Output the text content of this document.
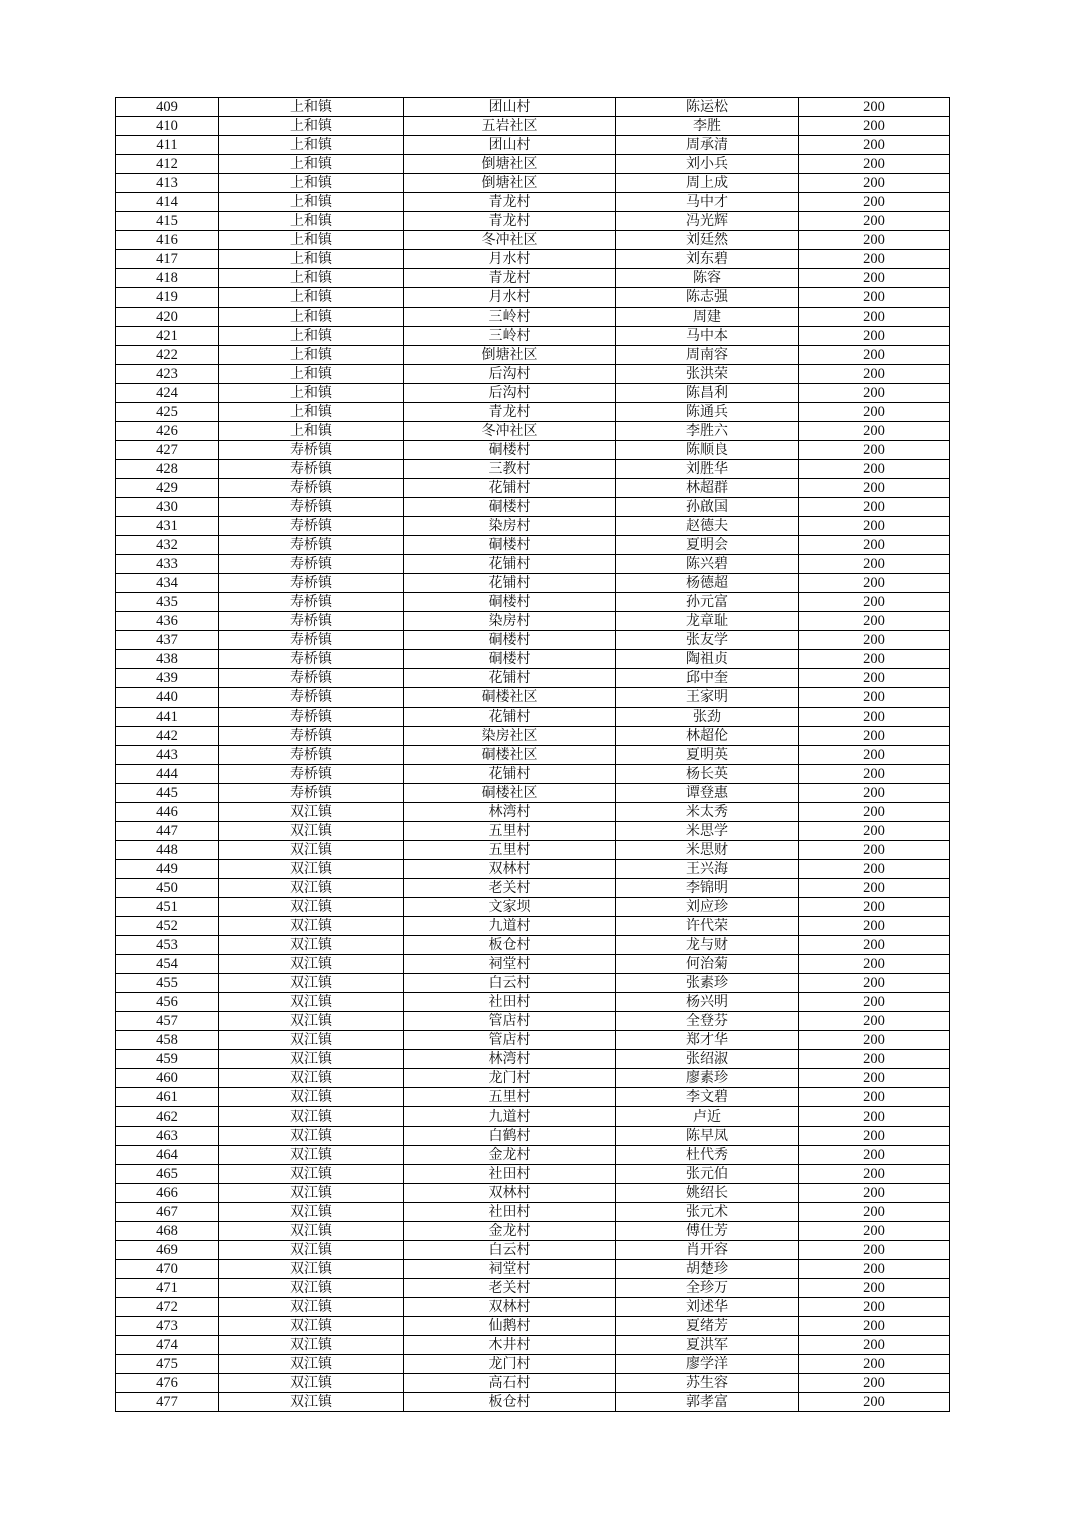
409	上和镇	团山村	陈运松	200
410	上和镇	五岩社区	李胜	200
411	上和镇	团山村	周承清	200
412	上和镇	倒塘社区	刘小兵	200
413	上和镇	倒塘社区	周上成	200
414	上和镇	青龙村	马中才	200
415	上和镇	青龙村	冯光辉	200
416	上和镇	冬冲社区	刘廷然	200
417	上和镇	月水村	刘东碧	200
418	上和镇	青龙村	陈容	200
419	上和镇	月水村	陈志强	200
420	上和镇	三岭村	周建	200
421	上和镇	三岭村	马中本	200
422	上和镇	倒塘社区	周南容	200
423	上和镇	后沟村	张洪荣	200
424	上和镇	后沟村	陈昌利	200
425	上和镇	青龙村	陈通兵	200
426	上和镇	冬冲社区	李胜六	200
427	寿桥镇	硐楼村	陈顺良	200
428	寿桥镇	三教村	刘胜华	200
429	寿桥镇	花铺村	林超群	200
430	寿桥镇	硐楼村	孙啟国	200
431	寿桥镇	染房村	赵德夫	200
432	寿桥镇	硐楼村	夏明会	200
433	寿桥镇	花铺村	陈兴碧	200
434	寿桥镇	花铺村	杨德超	200
435	寿桥镇	硐楼村	孙元富	200
436	寿桥镇	染房村	龙章耻	200
437	寿桥镇	硐楼村	张友学	200
438	寿桥镇	硐楼村	陶祖贞	200
439	寿桥镇	花铺村	邱中奎	200
440	寿桥镇	硐楼社区	王家明	200
441	寿桥镇	花铺村	张劲	200
442	寿桥镇	染房社区	林超伦	200
443	寿桥镇	硐楼社区	夏明英	200
444	寿桥镇	花铺村	杨长英	200
445	寿桥镇	硐楼社区	谭登惠	200
446	双江镇	林湾村	米太秀	200
447	双江镇	五里村	米思学	200
448	双江镇	五里村	米思财	200
449	双江镇	双林村	王兴海	200
450	双江镇	老关村	李锦明	200
451	双江镇	文家坝	刘应珍	200
452	双江镇	九道村	许代荣	200
453	双江镇	板仓村	龙与财	200
454	双江镇	祠堂村	何治菊	200
455	双江镇	白云村	张素珍	200
456	双江镇	社田村	杨兴明	200
457	双江镇	管店村	全登芬	200
458	双江镇	管店村	郑才华	200
459	双江镇	林湾村	张绍淑	200
460	双江镇	龙门村	廖素珍	200
461	双江镇	五里村	李文碧	200
462	双江镇	九道村	卢近	200
463	双江镇	白鹤村	陈早凤	200
464	双江镇	金龙村	杜代秀	200
465	双江镇	社田村	张元伯	200
466	双江镇	双林村	姚绍长	200
467	双江镇	社田村	张元术	200
468	双江镇	金龙村	傅仕芳	200
469	双江镇	白云村	肖开容	200
470	双江镇	祠堂村	胡楚珍	200
471	双江镇	老关村	全珍万	200
472	双江镇	双林村	刘述华	200
473	双江镇	仙鹅村	夏绪芳	200
474	双江镇	木井村	夏洪军	200
475	双江镇	龙门村	廖学洋	200
476	双江镇	高石村	苏生容	200
477	双江镇	板仓村	郭孝富	200
